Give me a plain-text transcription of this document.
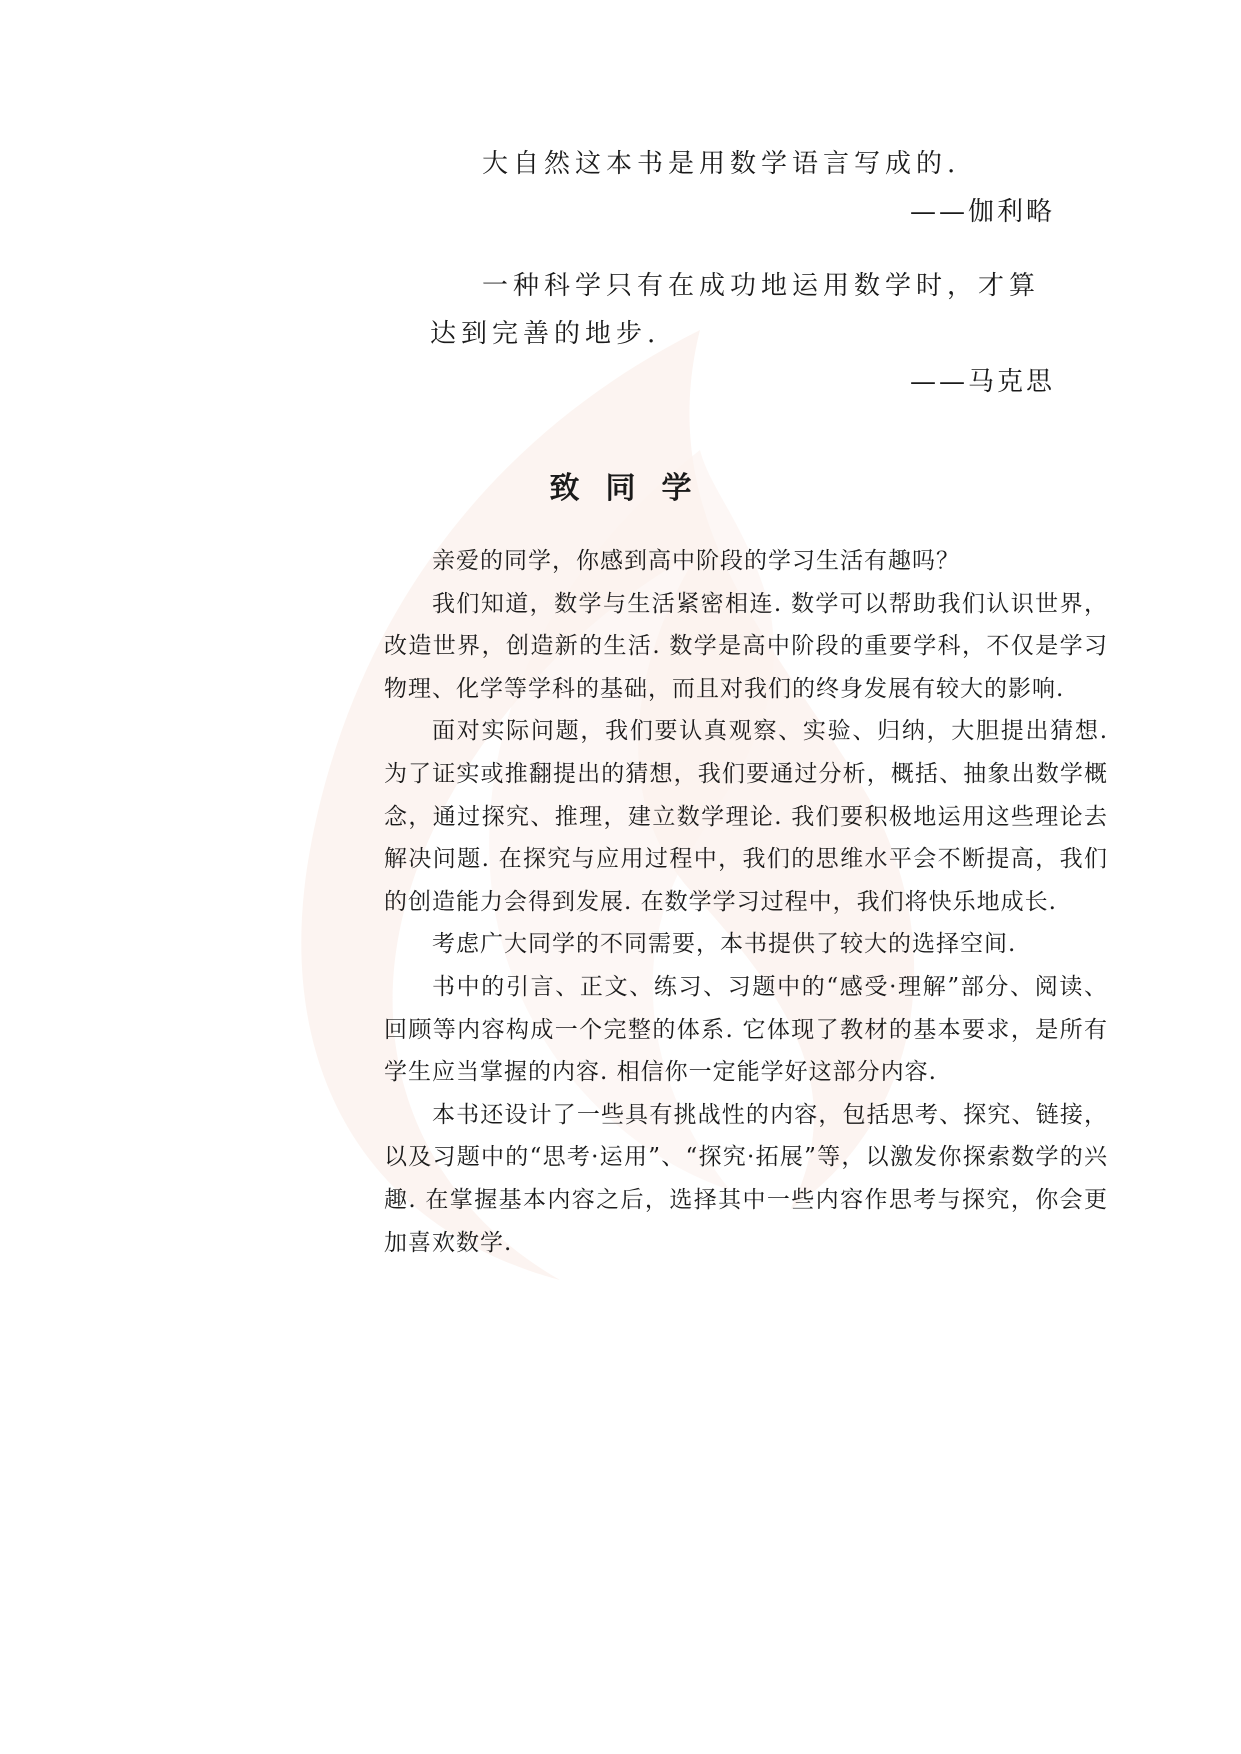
大自然这本书是用数学语言写成的.

——伽利略

一种科学只有在成功地运用数学时，才算达到完善的地步.

——马克思

致同学

亲爱的同学，你感到高中阶段的学习生活有趣吗？

我们知道，数学与生活紧密相连. 数学可以帮助我们认识世界，改造世界，创造新的生活. 数学是高中阶段的重要学科，不仅是学习物理、化学等学科的基础，而且对我们的终身发展有较大的影响.

面对实际问题，我们要认真观察、实验、归纳，大胆提出猜想. 为了证实或推翻提出的猜想，我们要通过分析，概括、抽象出数学概念，通过探究、推理，建立数学理论. 我们要积极地运用这些理论去解决问题. 在探究与应用过程中，我们的思维水平会不断提高，我们的创造能力会得到发展. 在数学学习过程中，我们将快乐地成长.

考虑广大同学的不同需要，本书提供了较大的选择空间.

书中的引言、正文、练习、习题中的“感受·理解”部分、阅读、回顾等内容构成一个完整的体系. 它体现了教材的基本要求，是所有学生应当掌握的内容. 相信你一定能学好这部分内容.

本书还设计了一些具有挑战性的内容，包括思考、探究、链接，以及习题中的“思考·运用”、“探究·拓展”等，以激发你探索数学的兴趣. 在掌握基本内容之后，选择其中一些内容作思考与探究，你会更加喜欢数学.
